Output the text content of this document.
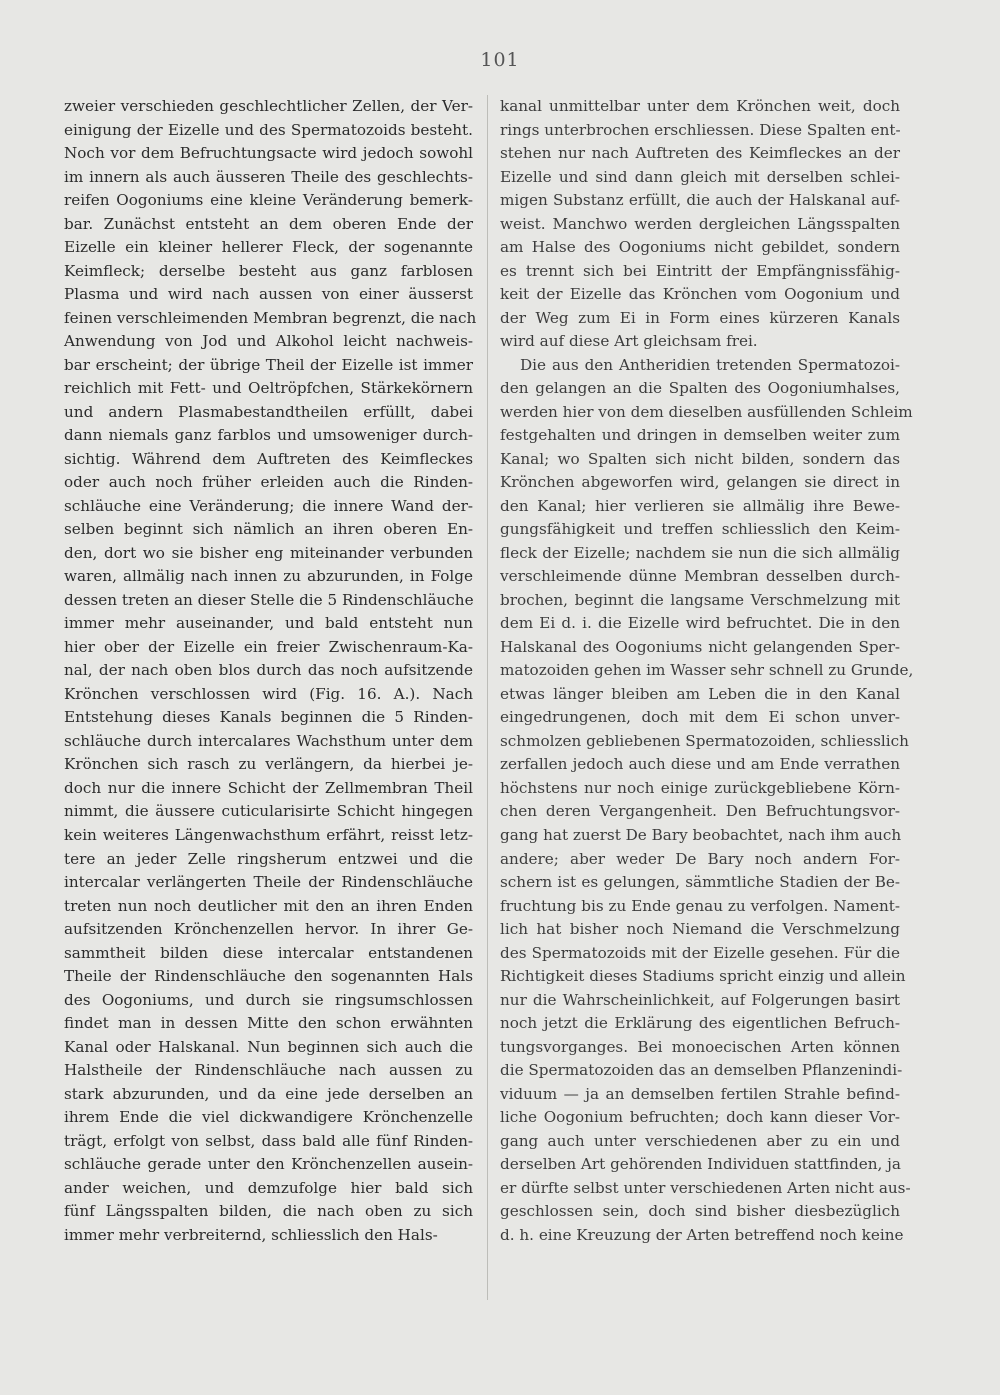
101
zweier verschieden geschlechtlicher Zellen, der Ver-
einigung der Eizelle und des Spermatozoids besteht.
Noch vor dem Befruchtungsacte wird jedoch sowohl
im innern als auch äusseren Theile des geschlechts-
reifen Oogoniums eine kleine Veränderung bemerk-
bar. Zunächst entsteht an dem oberen Ende der
Eizelle ein kleiner hellerer Fleck, der sogenannte
Keimfleck; derselbe besteht aus ganz farblosen
Plasma und wird nach aussen von einer äusserst
feinen verschleimenden Membran begrenzt, die nach
Anwendung von Jod und Alkohol leicht nachweis-
bar erscheint; der übrige Theil der Eizelle ist immer
reichlich mit Fett- und Oeltröpfchen, Stärkekörnern
und andern Plasmabestandtheilen erfüllt, dabei
dann niemals ganz farblos und umsoweniger durch-
sichtig. Während dem Auftreten des Keimfleckes
oder auch noch früher erleiden auch die Rinden-
schläuche eine Veränderung; die innere Wand der-
selben beginnt sich nämlich an ihren oberen En-
den, dort wo sie bisher eng miteinander verbunden
waren, allmälig nach innen zu abzurunden, in Folge
dessen treten an dieser Stelle die 5 Rindenschläuche
immer mehr auseinander, und bald entsteht nun
hier ober der Eizelle ein freier Zwischenraum-Ka-
nal, der nach oben blos durch das noch aufsitzende
Krönchen verschlossen wird (Fig. 16. A.). Nach
Entstehung dieses Kanals beginnen die 5 Rinden-
schläuche durch intercalares Wachsthum unter dem
Krönchen sich rasch zu verlängern, da hierbei je-
doch nur die innere Schicht der Zellmembran Theil
nimmt, die äussere cuticularisirte Schicht hingegen
kein weiteres Längenwachsthum erfährt, reisst letz-
tere an jeder Zelle ringsherum entzwei und die
intercalar verlängerten Theile der Rindenschläuche
treten nun noch deutlicher mit den an ihren Enden
aufsitzenden Krönchenzellen hervor. In ihrer Ge-
sammtheit bilden diese intercalar entstandenen
Theile der Rindenschläuche den sogenannten Hals
des Oogoniums, und durch sie ringsumschlossen
findet man in dessen Mitte den schon erwähnten
Kanal oder Halskanal. Nun beginnen sich auch die
Halstheile der Rindenschläuche nach aussen zu
stark abzurunden, und da eine jede derselben an
ihrem Ende die viel dickwandigere Krönchenzelle
trägt, erfolgt von selbst, dass bald alle fünf Rinden-
schläuche gerade unter den Krönchenzellen ausein-
ander weichen, und demzufolge hier bald sich
fünf Längsspalten bilden, die nach oben zu sich
immer mehr verbreiternd, schliesslich den Hals-
kanal unmittelbar unter dem Krönchen weit, doch
rings unterbrochen erschliessen. Diese Spalten ent-
stehen nur nach Auftreten des Keimfleckes an der
Eizelle und sind dann gleich mit derselben schlei-
migen Substanz erfüllt, die auch der Halskanal auf-
weist. Manchwo werden dergleichen Längsspalten
am Halse des Oogoniums nicht gebildet, sondern
es trennt sich bei Eintritt der Empfängnissfähig-
keit der Eizelle das Krönchen vom Oogonium und
der Weg zum Ei in Form eines kürzeren Kanals
wird auf diese Art gleichsam frei.
Die aus den Antheridien tretenden Spermatozoi-
den gelangen an die Spalten des Oogoniumhalses,
werden hier von dem dieselben ausfüllenden Schleim
festgehalten und dringen in demselben weiter zum
Kanal; wo Spalten sich nicht bilden, sondern das
Krönchen abgeworfen wird, gelangen sie direct in
den Kanal; hier verlieren sie allmälig ihre Bewe-
gungsfähigkeit und treffen schliesslich den Keim-
fleck der Eizelle; nachdem sie nun die sich allmälig
verschleimende dünne Membran desselben durch-
brochen, beginnt die langsame Verschmelzung mit
dem Ei d. i. die Eizelle wird befruchtet. Die in den
Halskanal des Oogoniums nicht gelangenden Sper-
matozoiden gehen im Wasser sehr schnell zu Grunde,
etwas länger bleiben am Leben die in den Kanal
eingedrungenen, doch mit dem Ei schon unver-
schmolzen gebliebenen Spermatozoiden, schliesslich
zerfallen jedoch auch diese und am Ende verrathen
höchstens nur noch einige zurückgebliebene Körn-
chen deren Vergangenheit. Den Befruchtungsvor-
gang hat zuerst De Bary beobachtet, nach ihm auch
andere; aber weder De Bary noch andern For-
schern ist es gelungen, sämmtliche Stadien der Be-
fruchtung bis zu Ende genau zu verfolgen. Nament-
lich hat bisher noch Niemand die Verschmelzung
des Spermatozoids mit der Eizelle gesehen. Für die
Richtigkeit dieses Stadiums spricht einzig und allein
nur die Wahrscheinlichkeit, auf Folgerungen basirt
noch jetzt die Erklärung des eigentlichen Befruch-
tungsvorganges. Bei monoecischen Arten können
die Spermatozoiden das an demselben Pflanzenindi-
viduum — ja an demselben fertilen Strahle befind-
liche Oogonium befruchten; doch kann dieser Vor-
gang auch unter verschiedenen aber zu ein und
derselben Art gehörenden Individuen stattfinden, ja
er dürfte selbst unter verschiedenen Arten nicht aus-
geschlossen sein, doch sind bisher diesbezüglich
d. h. eine Kreuzung der Arten betreffend noch keine
